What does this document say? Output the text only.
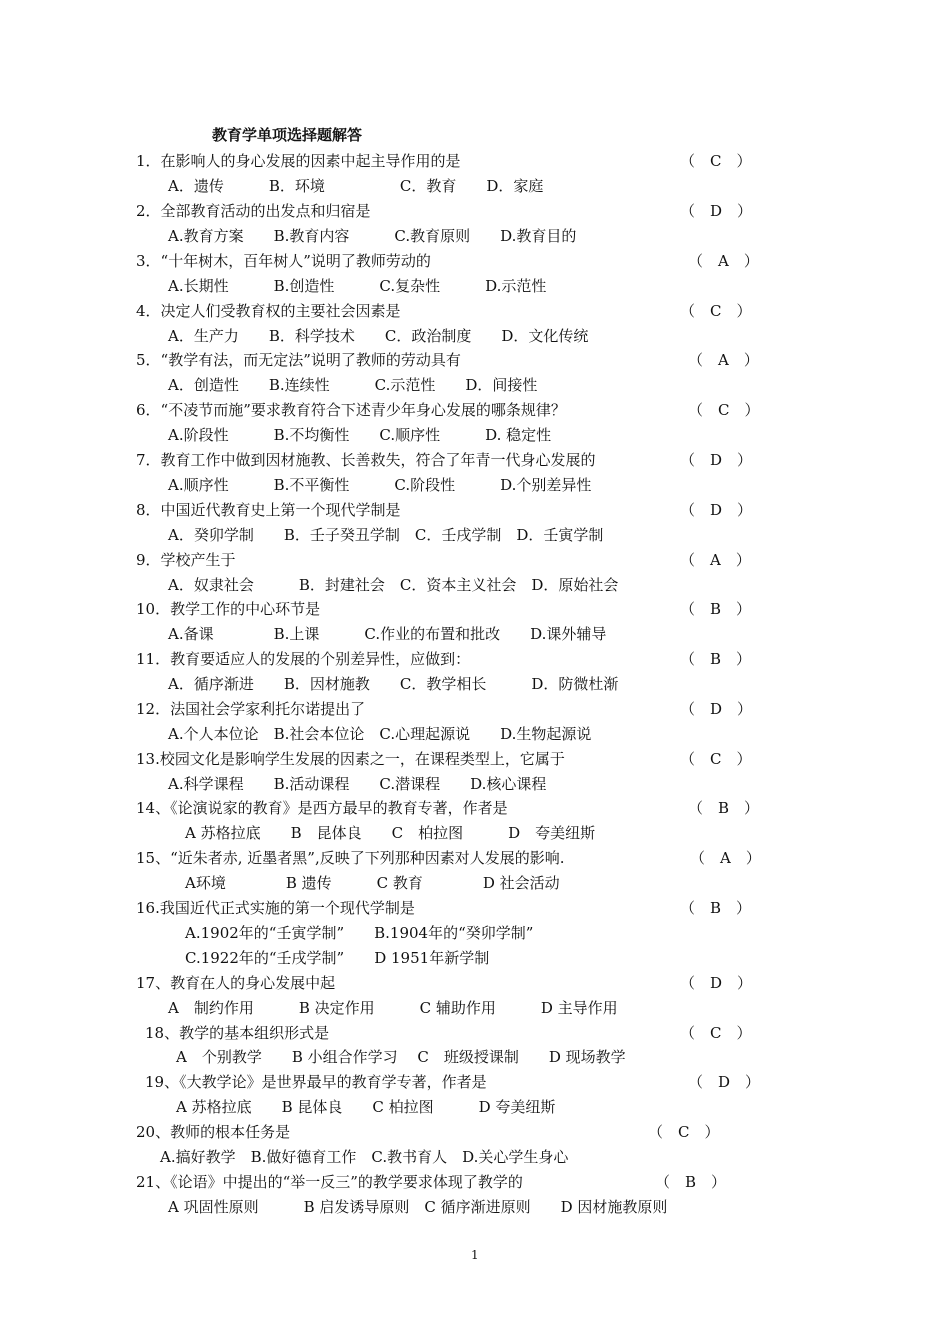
教育学单项选择题解答
1．在影响人的身心发展的因素中起主导作用的是	（　C　）
A．遗传　　　B．环境　　　　　C．教育　　D．家庭
2．全部教育活动的出发点和归宿是	（　D　）
A.教育方案　　B.教育内容　　　C.教育原则　　D.教育目的
3．“十年树木，百年树人”说明了教师劳动的	（　A　）
A.长期性　　　B.创造性　　　C.复杂性　　　D.示范性
4．决定人们受教育权的主要社会因素是	（　C　）
A．生产力　　B．科学技术　　C．政治制度　　D．文化传统
5．“教学有法，而无定法”说明了教师的劳动具有	（　A　）
A．创造性　　B.连续性　　　C.示范性　　D．间接性
6．“不凌节而施”要求教育符合下述青少年身心发展的哪条规律？	（　C　）
A.阶段性　　　B.不均衡性　　C.顺序性　　　D. 稳定性
7．教育工作中做到因材施教、长善救失，符合了年青一代身心发展的	（　D　）
A.顺序性　　　B.不平衡性　　　C.阶段性　　　D.个别差异性
8．中国近代教育史上第一个现代学制是	（　D　）
A．癸卯学制　　B．壬子癸丑学制　C．壬戌学制　D．壬寅学制
9．学校产生于	（　A　）
A．奴隶社会　　　B．封建社会　C．资本主义社会　D．原始社会
10．教学工作的中心环节是	（　B　）
A.备课　　　　B.上课　　　C.作业的布置和批改　　D.课外辅导
11．教育要适应人的发展的个别差异性，应做到：	（　B　）
A．循序渐进　　B．因材施教　　C．教学相长　　　D．防微杜渐
12．法国社会学家利托尔诺提出了	（　D　）
A.个人本位论　B.社会本位论　C.心理起源说　　D.生物起源说
13.校园文化是影响学生发展的因素之一，在课程类型上，它属于	（　C　）
A.科学课程　　B.活动课程　　C.潜课程　　D.核心课程
14、《论演说家的教育》是西方最早的教育专著，作者是	（　B　）
A 苏格拉底　　B　昆体良　　C　柏拉图　　　D　夸美纽斯
15、“近朱者赤, 近墨者黑”,反映了下列那种因素对人发展的影响.	（　A　）
A环境　　　　B 遗传　　　C 教育　　　　D 社会活动
16.我国近代正式实施的第一个现代学制是	（　B　）
A.1902年的“壬寅学制”　　B.1904年的“癸卯学制”
C.1922年的“壬戌学制”　　D 1951年新学制
17、教育在人的身心发展中起	（　D　）
A　制约作用　　　B 决定作用　　　C 辅助作用　　　D 主导作用
18、教学的基本组织形式是	（　C　）
A　个别教学　　B 小组合作学习　 C　班级授课制　　D 现场教学
19、《大教学论》是世界最早的教育学专著，作者是	（　D　）
A 苏格拉底　　B 昆体良　　C 柏拉图　　　D 夸美纽斯
20、教师的根本任务是	（　C　）
A.搞好教学　B.做好德育工作　C.教书育人　D.关心学生身心
21、《论语》中提出的“举一反三”的教学要求体现了教学的	（　B　）
A 巩固性原则　　　B 启发诱导原则　C 循序渐进原则　　D 因材施教原则
1
